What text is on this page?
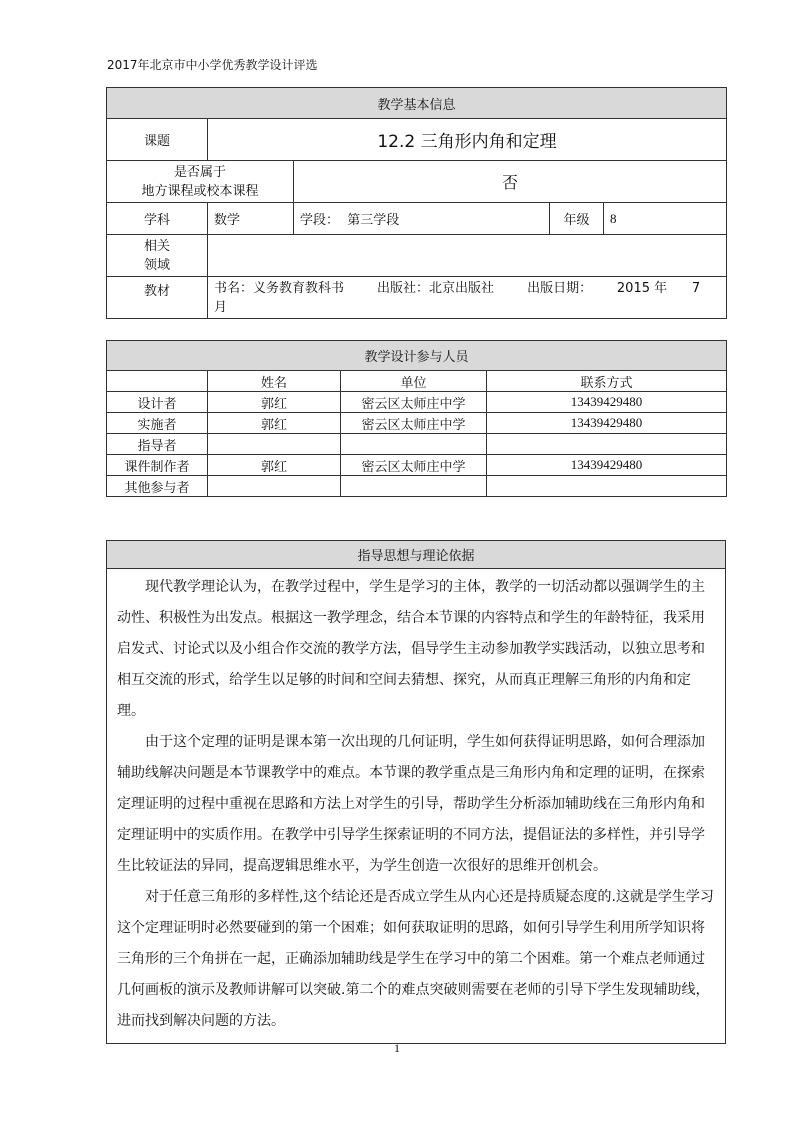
2017年北京市中小学优秀教学设计评选
教学基本信息				
课题	12.2 三角形内角和定理			

是否属于
地方课程或校本课程		否		
学科	数学	学段：  第三学段	年级	8

相关
领域				

教材	书名：义务教育教科书        出版社：北京出版社        出版日期：      2015 年      7
月			
教学设计参与人员			
	姓名	单位	联系方式
设计者	郭红	密云区太师庄中学	13439429480
实施者	郭红	密云区太师庄中学	13439429480
指导者			
课件制作者	郭红	密云区太师庄中学	13439429480
其他参与者			
指导思想与理论依据

现代教学理论认为，在教学过程中，学生是学习的主体，教学的一切活动都以强调学生的主动性、积极性为出发点。根据这一教学理念，结合本节课的内容特点和学生的年龄特征，我采用启发式、讨论式以及小组合作交流的教学方法，倡导学生主动参加教学实践活动，以独立思考和相互交流的形式，给学生以足够的时间和空间去猜想、探究，从而真正理解三角形的内角和定理。

由于这个定理的证明是课本第一次出现的几何证明，学生如何获得证明思路，如何合理添加辅助线解决问题是本节课教学中的难点。本节课的教学重点是三角形内角和定理的证明，在探索定理证明的过程中重视在思路和方法上对学生的引导，帮助学生分析添加辅助线在三角形内角和定理证明中的实质作用。在教学中引导学生探索证明的不同方法，提倡证法的多样性，并引导学生比较证法的异同，提高逻辑思维水平，为学生创造一次很好的思维开创机会。

对于任意三角形的多样性,这个结论还是否成立学生从内心还是持质疑态度的.这就是学生学习这个定理证明时必然要碰到的第一个困难；如何获取证明的思路，如何引导学生利用所学知识将三角形的三个角拼在一起，正确添加辅助线是学生在学习中的第二个困难。第一个难点老师通过几何画板的演示及教师讲解可以突破.第二个的难点突破则需要在老师的引导下学生发现辅助线，进而找到解决问题的方法。

1
